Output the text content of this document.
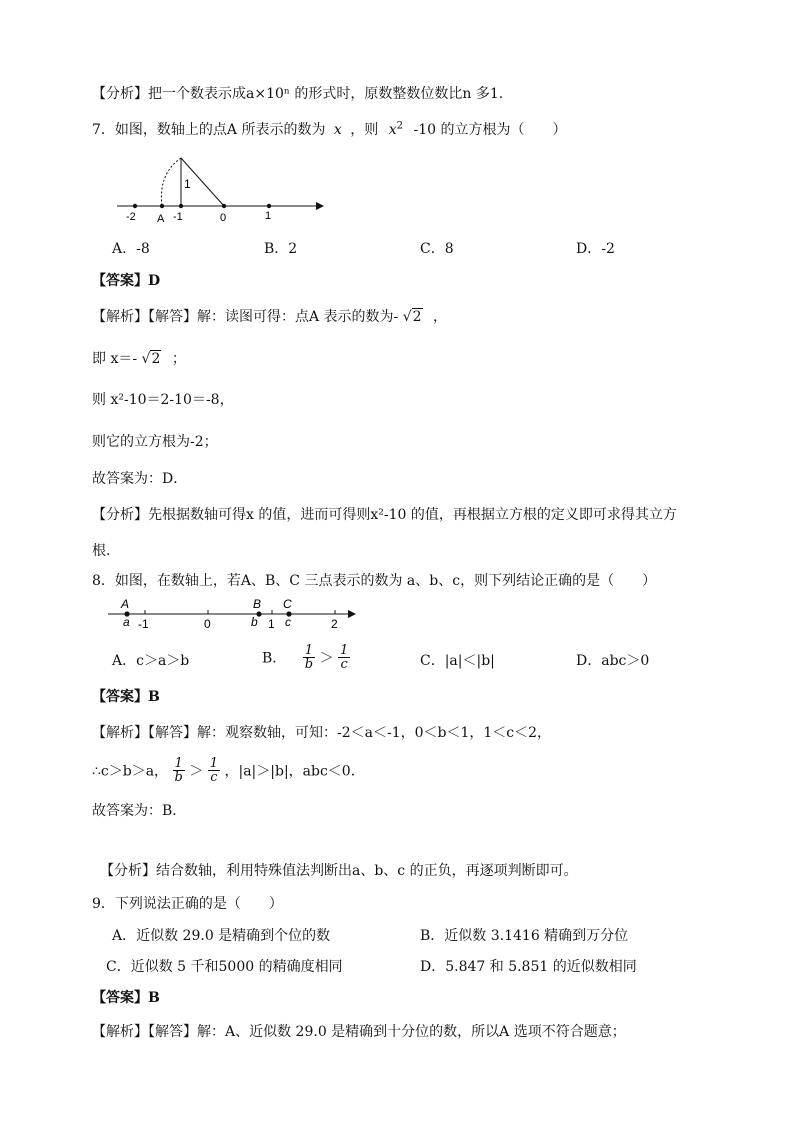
【分析】把一个数表示成a×10ⁿ 的形式时，原数整数位数比n 多1.
7．如图，数轴上的点A 所表示的数为 x ，则 $x^2$ -10 的立方根为（　　）
1
-2 A -1	0	1
A．-8	B．2	C．8	D．-2
【答案】D
【解析】【解答】解：读图可得：点A 表示的数为- √2 ，
即 x＝- √2 ；
则 x²-10＝2-10＝-8，
则它的立方根为-2；
故答案为：D．
【分析】先根据数轴可得x 的值，进而可得则x²-10 的值，再根据立方根的定义即可求得其立方
根．
8．如图，在数轴上，若A、B、C 三点表示的数为 a、b、c，则下列结论正确的是（　　）
A
a -1	0
B
b 1
C
c	2
A．c＞a＞b	B． $\frac{1}{b} > \frac{1}{c}$	C．|a|＜|b|	D．abc＞0
【答案】B
【解析】【解答】解：观察数轴，可知：-2＜a＜-1，0＜b＜1，1＜c＜2，
∴c＞b＞a， $\frac{1}{b} > \frac{1}{c}$ ，|a|＞|b|，abc＜0．
故答案为：B．
【分析】结合数轴，利用特殊值法判断出a、b、c 的正负，再逐项判断即可。
9．下列说法正确的是（　　）
A．近似数 29.0 是精确到个位的数	B．近似数 3.1416 精确到万分位
C．近似数 5 千和5000 的精确度相同	D．5.847 和 5.851 的近似数相同
【答案】B
【解析】【解答】解：A、近似数 29.0 是精确到十分位的数，所以A 选项不符合题意；
